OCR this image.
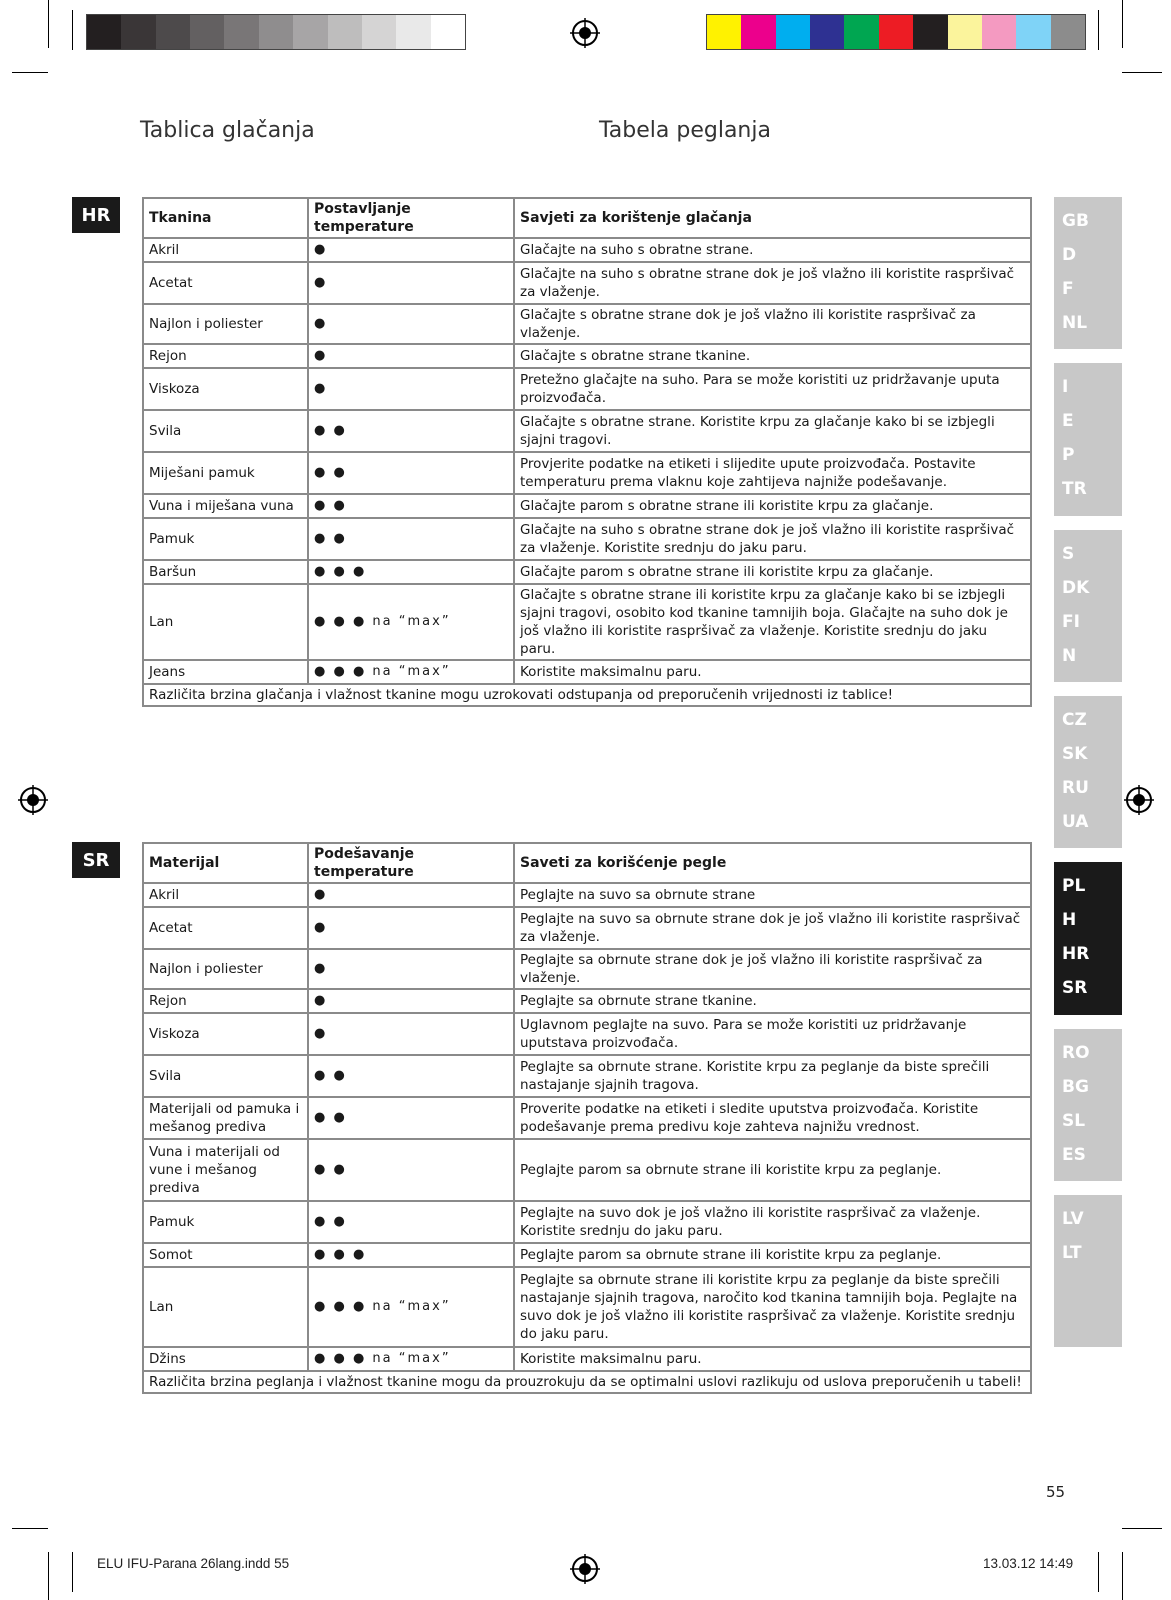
Tablica glačanja	Tabela peglanja
HR	Tkanina	Postavljanje temperature	Savjeti za korištenje glačanja
Akril	●	Glačajte na suho s obratne strane.
Acetat	●	Glačajte na suho s obratne strane dok je još vlažno ili koristite raspršivač za vlaženje.
Najlon i poliester	●	Glačajte s obratne strane dok je još vlažno ili koristite raspršivač za vlaženje.
Rejon	●	Glačajte s obratne strane tkanine.
Viskoza	●	Pretežno glačajte na suho. Para se može koristiti uz pridržavanje uputa proizvođača.
Svila	● ●	Glačajte s obratne strane. Koristite krpu za glačanje kako bi se izbjegli sjajni tragovi.
Miješani pamuk	● ●	Provjerite podatke na etiketi i slijedite upute proizvođača. Postavite temperaturu prema vlaknu koje zahtijeva najniže podešavanje.
Vuna i miješana vuna	● ●	Glačajte parom s obratne strane ili koristite krpu za glačanje.
Pamuk	● ●	Glačajte na suho s obratne strane dok je još vlažno ili koristite raspršivač za vlaženje. Koristite srednju do jaku paru.
Baršun	● ● ●	Glačajte parom s obratne strane ili koristite krpu za glačanje.
Lan	● ● ● na “max”	Glačajte s obratne strane ili koristite krpu za glačanje kako bi se izbjegli sjajni tragovi, osobito kod tkanine tamnijih boja. Glačajte na suho dok je još vlažno ili koristite raspršivač za vlaženje. Koristite srednju do jaku paru.
Jeans	● ● ● na “max”	Koristite maksimalnu paru.
Različita brzina glačanja i vlažnost tkanine mogu uzrokovati odstupanja od preporučenih vrijednosti iz tablice!		
SR	Materijal	Podešavanje temperature	Saveti za korišćenje pegle
Akril	●	Peglajte na suvo sa obrnute strane
Acetat	●	Peglajte na suvo sa obrnute strane dok je još vlažno ili koristite raspršivač za vlaženje.
Najlon i poliester	●	Peglajte sa obrnute strane dok je još vlažno ili koristite raspršivač za vlaženje.
Rejon	●	Peglajte sa obrnute strane tkanine.
Viskoza	●	Uglavnom peglajte na suvo. Para se može koristiti uz pridržavanje uputstava proizvođača.
Svila	● ●	Peglajte sa obrnute strane. Koristite krpu za peglanje da biste sprečili nastajanje sjajnih tragova.
Materijali od pamuka i mešanog prediva	● ●	Proverite podatke na etiketi i sledite uputstva proizvođača. Koristite podešavanje prema predivu koje zahteva najnižu vrednost.
Vuna i materijali od vune i mešanog prediva	● ●	Peglajte parom sa obrnute strane ili koristite krpu za peglanje.
Pamuk	● ●	Peglajte na suvo dok je još vlažno ili koristite raspršivač za vlaženje. Koristite srednju do jaku paru.
Somot	● ● ●	Peglajte parom sa obrnute strane ili koristite krpu za peglanje.
Lan	● ● ● na “max”	Peglajte sa obrnute strane ili koristite krpu za peglanje da biste sprečili nastajanje sjajnih tragova, naročito kod tkanina tamnijih boja. Peglajte na suvo dok je još vlažno ili koristite raspršivač za vlaženje. Koristite srednju do jaku paru.
Džins	● ● ● na “max”	Koristite maksimalnu paru.
Različita brzina peglanja i vlažnost tkanine mogu da prouzrokuju da se optimalni uslovi razlikuju od uslova preporučenih u tabeli!		
GB
D
F
NL
I
E
P
TR
S
DK
FI
N
CZ
SK
RU
UA
PL
H
HR
SR
RO
BG
SL
ES
LV
LT
55
ELU IFU-Parana 26lang.indd 55	13.03.12 14:49
